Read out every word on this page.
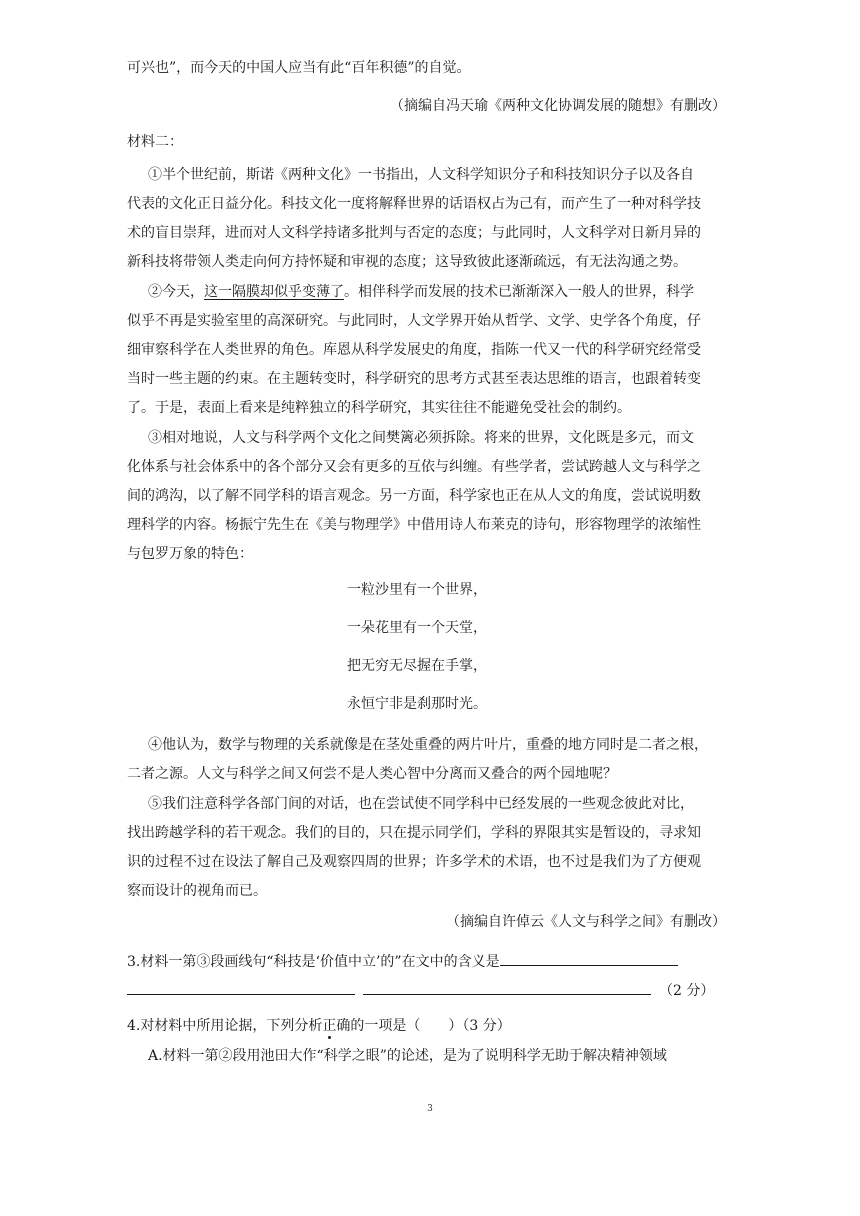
可兴也”，而今天的中国人应当有此“百年积德”的自觉。
（摘编自冯天瑜《两种文化协调发展的随想》有删改）
材料二：
①半个世纪前，斯诺《两种文化》一书指出，人文科学知识分子和科技知识分子以及各自
代表的文化正日益分化。科技文化一度将解释世界的话语权占为己有，而产生了一种对科学技
术的盲目崇拜，进而对人文科学持诸多批判与否定的态度；与此同时，人文科学对日新月异的
新科技将带领人类走向何方持怀疑和审视的态度；这导致彼此逐渐疏远，有无法沟通之势。
②今天，这一隔膜却似乎变薄了。相伴科学而发展的技术已渐渐深入一般人的世界，科学
似乎不再是实验室里的高深研究。与此同时，人文学界开始从哲学、文学、史学各个角度，仔
细审察科学在人类世界的角色。库恩从科学发展史的角度，指陈一代又一代的科学研究经常受
当时一些主题的约束。在主题转变时，科学研究的思考方式甚至表达思维的语言，也跟着转变
了。于是，表面上看来是纯粹独立的科学研究，其实往往不能避免受社会的制约。
③相对地说，人文与科学两个文化之间樊篱必须拆除。将来的世界，文化既是多元，而文
化体系与社会体系中的各个部分又会有更多的互依与纠缠。有些学者，尝试跨越人文与科学之
间的鸿沟，以了解不同学科的语言观念。另一方面，科学家也正在从人文的角度，尝试说明数
理科学的内容。杨振宁先生在《美与物理学》中借用诗人布莱克的诗句，形容物理学的浓缩性
与包罗万象的特色：
一粒沙里有一个世界，
一朵花里有一个天堂，
把无穷无尽握在手掌，
永恒宁非是刹那时光。
④他认为，数学与物理的关系就像是在茎处重叠的两片叶片，重叠的地方同时是二者之根，
二者之源。人文与科学之间又何尝不是人类心智中分离而又叠合的两个园地呢？
⑤我们注意科学各部门间的对话，也在尝试使不同学科中已经发展的一些观念彼此对比，
找出跨越学科的若干观念。我们的目的，只在提示同学们，学科的界限其实是暂设的，寻求知
识的过程不过在设法了解自己及观察四周的世界；许多学术的术语，也不过是我们为了方便观
察而设计的视角而已。
（摘编自许倬云《人文与科学之间》有删改）
3.材料一第③段画线句“科技是‘价值中立’的”在文中的含义是
（2 分）
4.对材料中所用论据，下列分析正确的一项是（　　）（3 分）
A.材料一第②段用池田大作“科学之眼”的论述，是为了说明科学无助于解决精神领域
3
